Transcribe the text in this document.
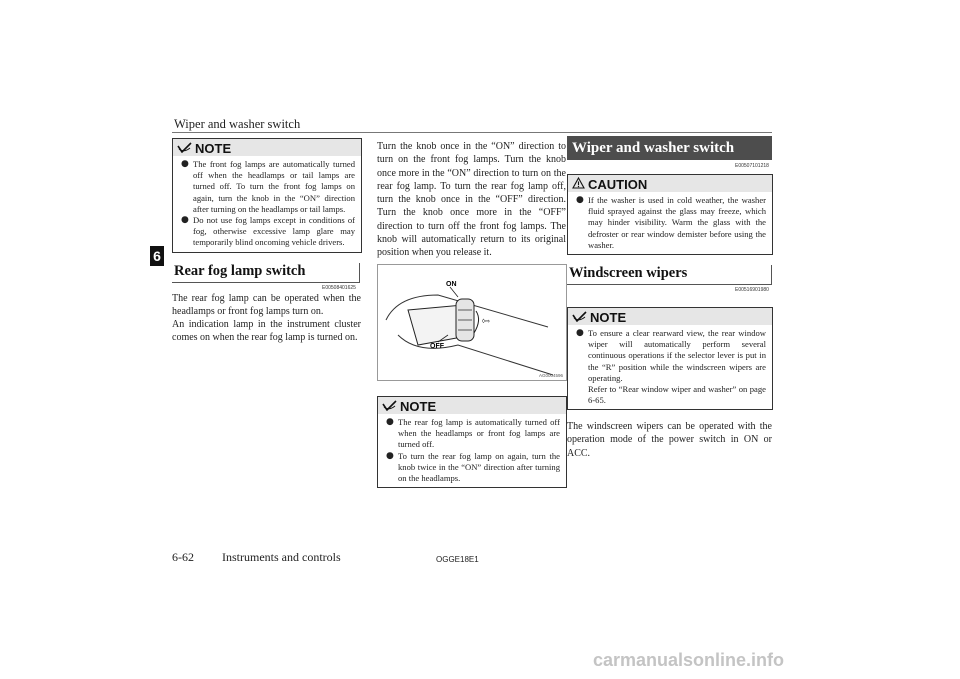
Wiper and washer switch
6
NOTE
● The front fog lamps are automatically turned off when the headlamps or tail lamps are turned off. To turn the front fog lamps on again, turn the knob in the “ON” direction after turning on the headlamps or tail lamps.
● Do not use fog lamps except in conditions of fog, otherwise excessive lamp glare may temporarily blind oncoming vehicle drivers.
Rear fog lamp switch
E00508401625
The rear fog lamp can be operated when the headlamps or front fog lamps turn on.
An indication lamp in the instrument cluster comes on when the rear fog lamp is turned on.
Turn the knob once in the “ON” direction to turn on the front fog lamps. Turn the knob once more in the “ON” direction to turn on the rear fog lamp. To turn the rear fog lamp off, turn the knob once in the “OFF” direction. Turn the knob once more in the “OFF” direction to turn off the front fog lamps. The knob will automatically return to its original position when you release it.
◊⇨
ON
OFF
AG0004596
NOTE
● The rear fog lamp is automatically turned off when the headlamps or front fog lamps are turned off.
● To turn the rear fog lamp on again, turn the knob twice in the “ON” direction after turning on the headlamps.
Wiper and washer switch
E00507101218
CAUTION
● If the washer is used in cold weather, the washer fluid sprayed against the glass may freeze, which may hinder visibility. Warm the glass with the defroster or rear window demister before using the washer.
Windscreen wipers
E00516901980
NOTE
● To ensure a clear rearward view, the rear window wiper will automatically perform several continuous operations if the selector lever is put in the “R” position while the windscreen wipers are operating.
Refer to “Rear window wiper and washer” on page 6-65.
The windscreen wipers can be operated with the operation mode of the power switch in ON or ACC.
6-62 Instruments and controls	OGGE18E1
carmanualsonline.info
